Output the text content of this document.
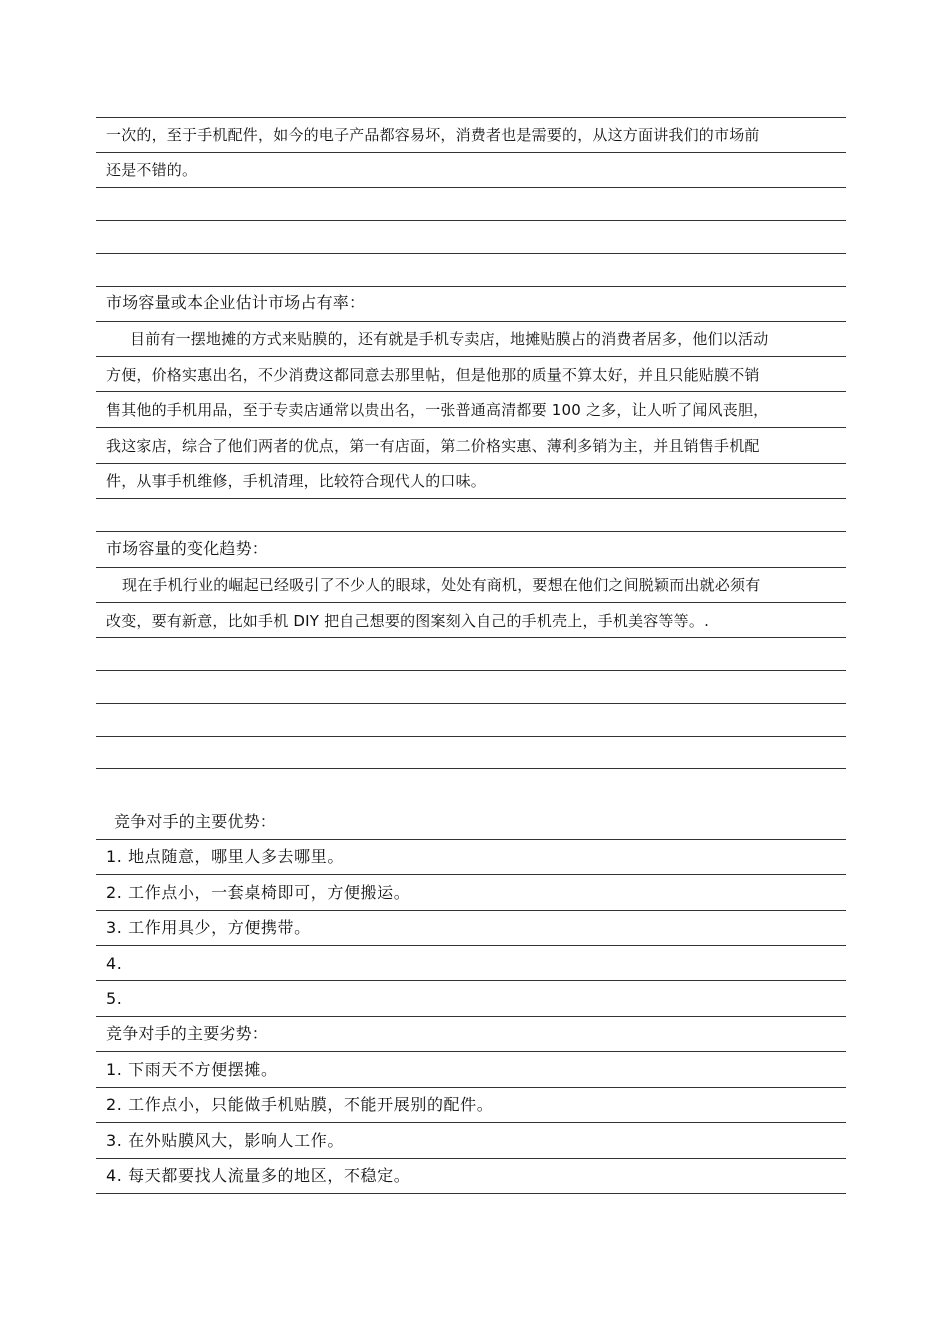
一次的，至于手机配件，如今的电子产品都容易坏，消费者也是需要的，从这方面讲我们的市场前
还是不错的。
市场容量或本企业估计市场占有率：
目前有一摆地摊的方式来贴膜的，还有就是手机专卖店，地摊贴膜占的消费者居多，他们以活动
方便，价格实惠出名，不少消费这都同意去那里帖，但是他那的质量不算太好，并且只能贴膜不销
售其他的手机用品，至于专卖店通常以贵出名，一张普通高清都要 100 之多，让人听了闻风丧胆，
我这家店，综合了他们两者的优点，第一有店面，第二价格实惠、薄利多销为主，并且销售手机配
件，从事手机维修，手机清理，比较符合现代人的口味。
市场容量的变化趋势：
现在手机行业的崛起已经吸引了不少人的眼球，处处有商机，要想在他们之间脱颖而出就必须有
改变，要有新意，比如手机 DIY 把自己想要的图案刻入自己的手机壳上，手机美容等等。.
竞争对手的主要优势：
1. 地点随意，哪里人多去哪里。
2. 工作点小，一套桌椅即可，方便搬运。
3. 工作用具少，方便携带。
4.
5.
竞争对手的主要劣势：
1. 下雨天不方便摆摊。
2. 工作点小，只能做手机贴膜，不能开展别的配件。
3. 在外贴膜风大，影响人工作。
4. 每天都要找人流量多的地区，不稳定。
